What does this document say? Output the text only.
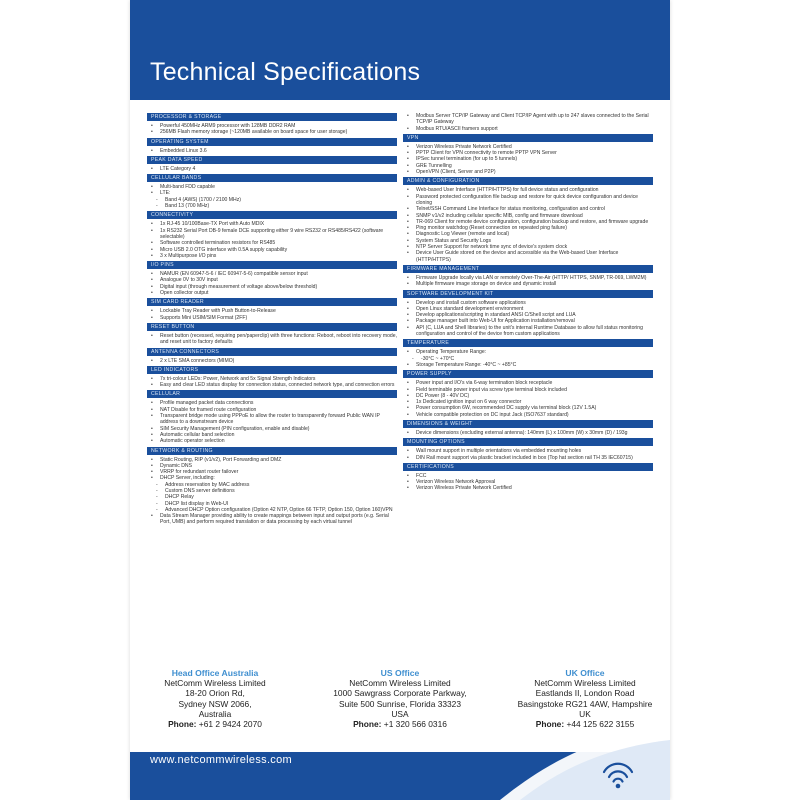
Technical Specifications
PROCESSOR & STORAGE
• Powerful 450MHz ARM9 processor with 128MB DDR2 RAM
• 256MB Flash memory storage (~120MB available on board space for user storage)
OPERATING SYSTEM
• Embedded Linux 3.6
PEAK DATA SPEED
• LTE Category 4
CELLULAR BANDS
• Multi-band FDD capable
• LTE:
- Band 4 (AWS) (1700 / 2100 MHz)
- Band 13 (700 MHz)
CONNECTIVITY
• 1x RJ-45 10/100Base-TX Port with Auto MDIX
• 1x RS232 Serial Port DB-9 female DCE supporting either 9 wire RS232 or RS485/RS422 (software selectable)
• Software controlled termination resistors for RS485
• Micro USB 2.0 OTG interface with 0.5A supply capability
• 3 x Multipurpose I/O pins
I/O PINS
• NAMUR (EN 60947-5-6 / IEC 60947-5-6) compatible sensor input
• Analogue 0V to 30V input
• Digital input (through measurement of voltage above/below threshold)
• Open collector output
SIM CARD READER
• Lockable Tray Reader with Push Button-to-Release
• Supports Mini USIM/SIM Format (2FF)
RESET BUTTON
• Reset button (recessed, requiring pen/paperclip) with three functions: Reboot, reboot into recovery mode, and reset unit to factory defaults
ANTENNA CONNECTORS
• 2 x LTE SMA connectors (MIMO)
LED INDICATORS
• 7x tri-colour LEDs: Power, Network and 5x Signal Strength Indicators
• Easy and clear LED status display for connection status, connected network type, and connection errors
CELLULAR
• Profile managed packet data connections
• NAT Disable for framed route configuration
• Transparent bridge mode using PPPoE to allow the router to transparently forward Public WAN IP address to a downstream device
• SIM Security Management (PIN configuration, enable and disable)
• Automatic cellular band selection
• Automatic operator selection
NETWORK & ROUTING
• Static Routing, RIP (v1/v2), Port Forwarding and DMZ
• Dynamic DNS
• VRRP for redundant router failover
• DHCP Server, including:
- Address reservation by MAC address
- Custom DNS server definitions
- DHCP Relay
- DHCP list display in Web-UI
- Advanced DHCP Option configuration (Option 42 NTP, Option 66 TFTP, Option 150, Option 160)VPN
• Data Stream Manager providing ability to create mappings between input and output ports (e.g. Serial Port, UMB) and perform required translation or data processing by each virtual tunnel
• Modbus Server TCP/IP Gateway and Client TCP/IP Agent with up to 247 slaves connected to the Serial TCP/IP Gateway
• Modbus RTU/ASCII framers support
VPN
• Verizon Wireless Private Network Certified
• PPTP Client for VPN connectivity to remote PPTP VPN Server
• IPSec tunnel termination (for up to 5 tunnels)
• GRE Tunnelling
• OpenVPN (Client, Server and P2P)
ADMIN & CONFIGURATION
• Web-based User Interface (HTTP/HTTPS) for full device status and configuration
• Password protected configuration file backup and restore for quick device configuration and device cloning
• Telnet/SSH Command Line Interface for status monitoring, configuration and control
• SNMP v1/v2 including cellular specific MIB, config and firmware download
• TR-069 Client for remote device configuration, configuration backup and restore, and firmware upgrade
• Ping monitor watchdog (Reset connection on repeated ping failure)
• Diagnostic Log Viewer (remote and local)
• System Status and Security Logs
• NTP Server Support for network time sync of device's system clock
• Device User Guide stored on the device and accessible via the Web-based User Interface (HTTP/HTTPS)
FIRMWARE MANAGEMENT
• Firmware Upgrade locally via LAN or remotely Over-The-Air (HTTP/ HTTPS, SNMP, TR-069, LWM2M)
• Multiple firmware image storage on device and dynamic install
SOFTWARE DEVELOPMENT KIT
• Develop and install custom software applications
• Open Linux standard development environment
• Develop applications/scripting in standard ANSI C/Shell script and LUA
• Package manager built into Web-UI for Application installation/removal
• API (C, LUA and Shell libraries) to the unit's internal Runtime Database to allow full status monitoring configuration and control of the device from custom applications
TEMPERATURE
• Operating Temperature Range:
- -30°C ~ +70°C
• Storage Temperature Range: -40°C ~ +85°C
POWER SUPPLY
• Power input and I/O's via 6-way termination block receptacle
• Field terminable power input via screw type terminal block included
• DC Power (8 - 40V DC)
• 1x Dedicated ignition input on 6 way connector
• Power consumption 6W, recommended DC supply via terminal block (12V 1.5A)
• Vehicle compatible protection on DC input Jack (ISO7637 standard)
DIMENSIONS & WEIGHT
• Device dimensions (excluding external antenna): 140mm (L) x 100mm (W) x 30mm (D) / 193g
MOUNTING OPTIONS
• Wall mount support in multiple orientations via embedded mounting holes
• DIN Rail mount support via plastic bracket included in box (Top hat section rail TH 35 IEC60715)
CERTIFICATIONS
• FCC
• Verizon Wireless Network Approval
• Verizon Wireless Private Network Certified
Head Office Australia
NetComm Wireless Limited
18-20 Orion Rd,
Sydney NSW 2066,
Australia
Phone: +61 2 9424 2070
US Office
NetComm Wireless Limited
1000 Sawgrass Corporate Parkway,
Suite 500 Sunrise, Florida 33323
USA
Phone: +1 320 566 0316
UK Office
NetComm Wireless Limited
Eastlands II, London Road
Basingstoke RG21 4AW, Hampshire
UK
Phone: +44 125 622 3155
www.netcommwireless.com
